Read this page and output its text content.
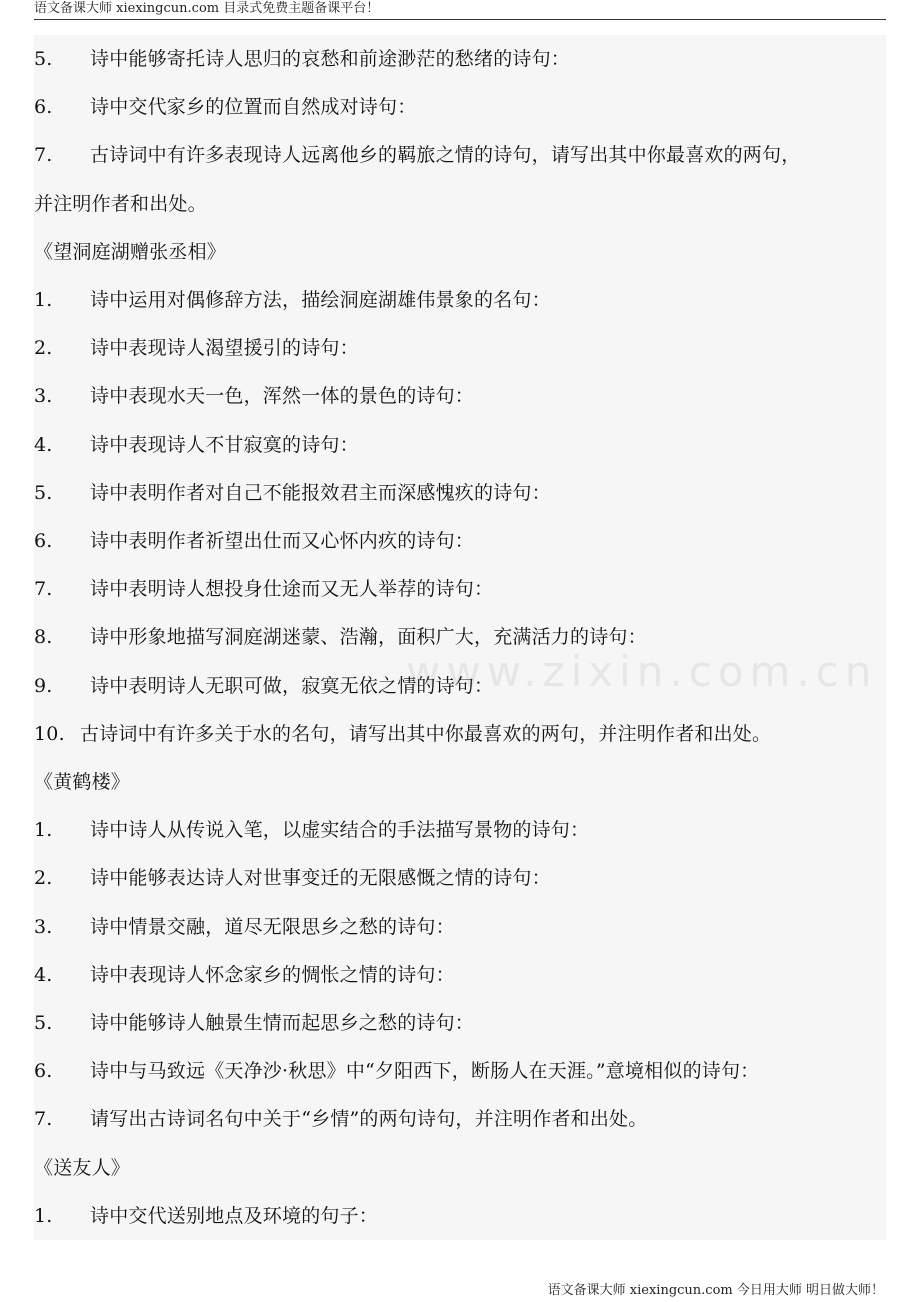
语文备课大师 xiexingcun.com 目录式免费主题备课平台！
www.zixin.com.cn
5. 诗中能够寄托诗人思归的哀愁和前途渺茫的愁绪的诗句：
6. 诗中交代家乡的位置而自然成对诗句：
7. 古诗词中有许多表现诗人远离他乡的羁旅之情的诗句，请写出其中你最喜欢的两句，
并注明作者和出处。
《望洞庭湖赠张丞相》
1. 诗中运用对偶修辞方法，描绘洞庭湖雄伟景象的名句：
2. 诗中表现诗人渴望援引的诗句：
3. 诗中表现水天一色，浑然一体的景色的诗句：
4. 诗中表现诗人不甘寂寞的诗句：
5. 诗中表明作者对自己不能报效君主而深感愧疚的诗句：
6. 诗中表明作者祈望出仕而又心怀内疚的诗句：
7. 诗中表明诗人想投身仕途而又无人举荐的诗句：
8. 诗中形象地描写洞庭湖迷蒙、浩瀚，面积广大，充满活力的诗句：
9. 诗中表明诗人无职可做，寂寞无依之情的诗句：
10. 古诗词中有许多关于水的名句，请写出其中你最喜欢的两句，并注明作者和出处。
《黄鹤楼》
1. 诗中诗人从传说入笔，以虚实结合的手法描写景物的诗句：
2. 诗中能够表达诗人对世事变迁的无限感慨之情的诗句：
3. 诗中情景交融，道尽无限思乡之愁的诗句：
4. 诗中表现诗人怀念家乡的惆怅之情的诗句：
5. 诗中能够诗人触景生情而起思乡之愁的诗句：
6. 诗中与马致远《天净沙·秋思》中“夕阳西下，断肠人在天涯。”意境相似的诗句：
7. 请写出古诗词名句中关于“乡情”的两句诗句，并注明作者和出处。
《送友人》
1. 诗中交代送别地点及环境的句子：
语文备课大师 xiexingcun.com 今日用大师 明日做大师！
